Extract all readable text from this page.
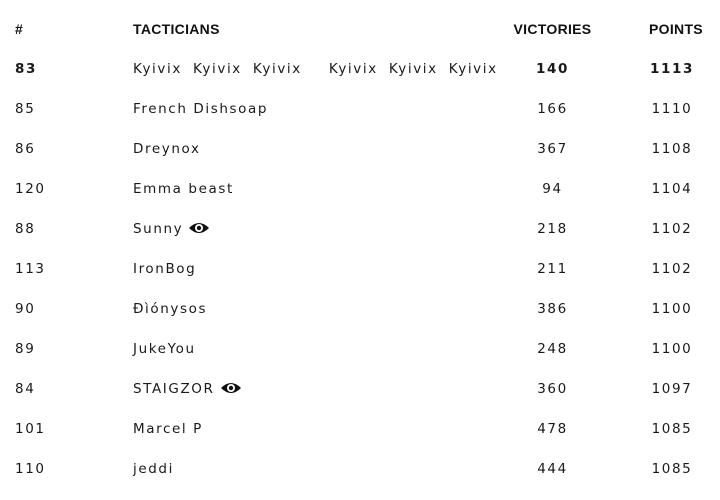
#	TACTICIANS	VICTORIES	POINTS
83	Kyivix Kyivix Kyivix Kyivix Kyivix Kyivix	140	1113
85	French Dishsoap	166	1110
86	Dreynox	367	1108
120	Emma beast	94	1104
88	Sunny	218	1102
113	IronBog	211	1102
90	Đìónysos	386	1100
89	JukeYou	248	1100
84	STAIGZOR	360	1097
101	Marcel P	478	1085
110	jeddi	444	1085
